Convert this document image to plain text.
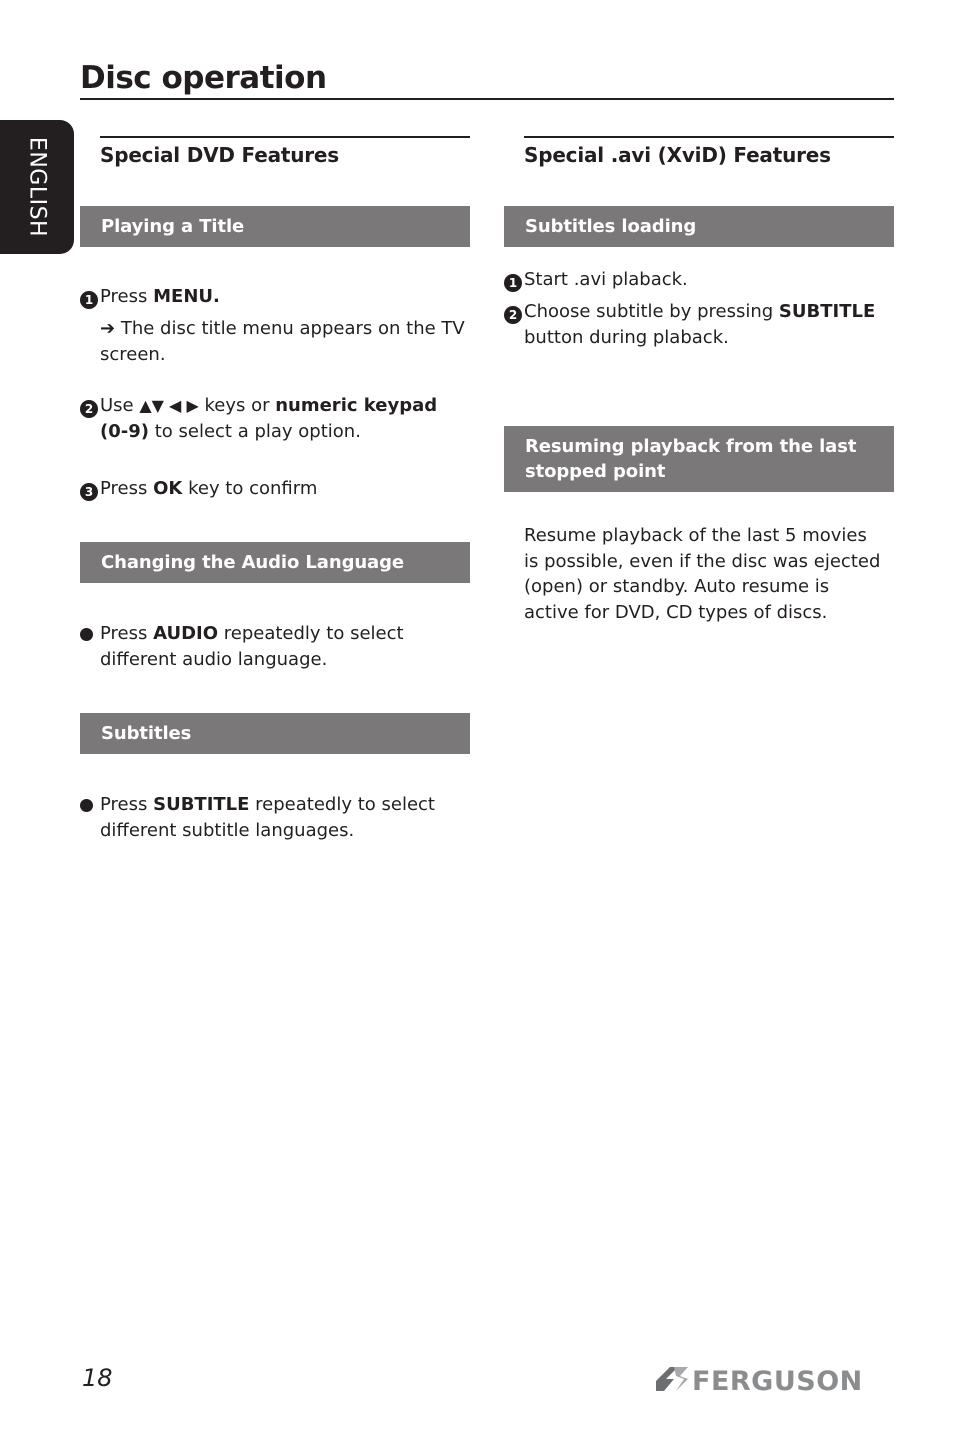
Disc operation
ENGLISH	Special DVD Features
Playing a Title
1 Press MENU.
➔ The disc title menu appears on the TV screen.
2 Use ▲▼ ◀ ▶ keys or numeric keypad
(0-9) to select a play option.
3 Press OK key to confirm
Changing the Audio Language
Press AUDIO repeatedly to select different audio language.
Subtitles
Press SUBTITLE repeatedly to select different subtitle languages.
Special .avi (XviD) Features
Subtitles loading
1 Start .avi plaback.
2 Choose subtitle by pressing SUBTITLE
button during plaback.
Resuming playback from the last stopped point
Resume playback of the last 5 movies is possible, even if the disc was ejected (open) or standby. Auto resume is active for DVD, CD types of discs.
18	FERGUSON
